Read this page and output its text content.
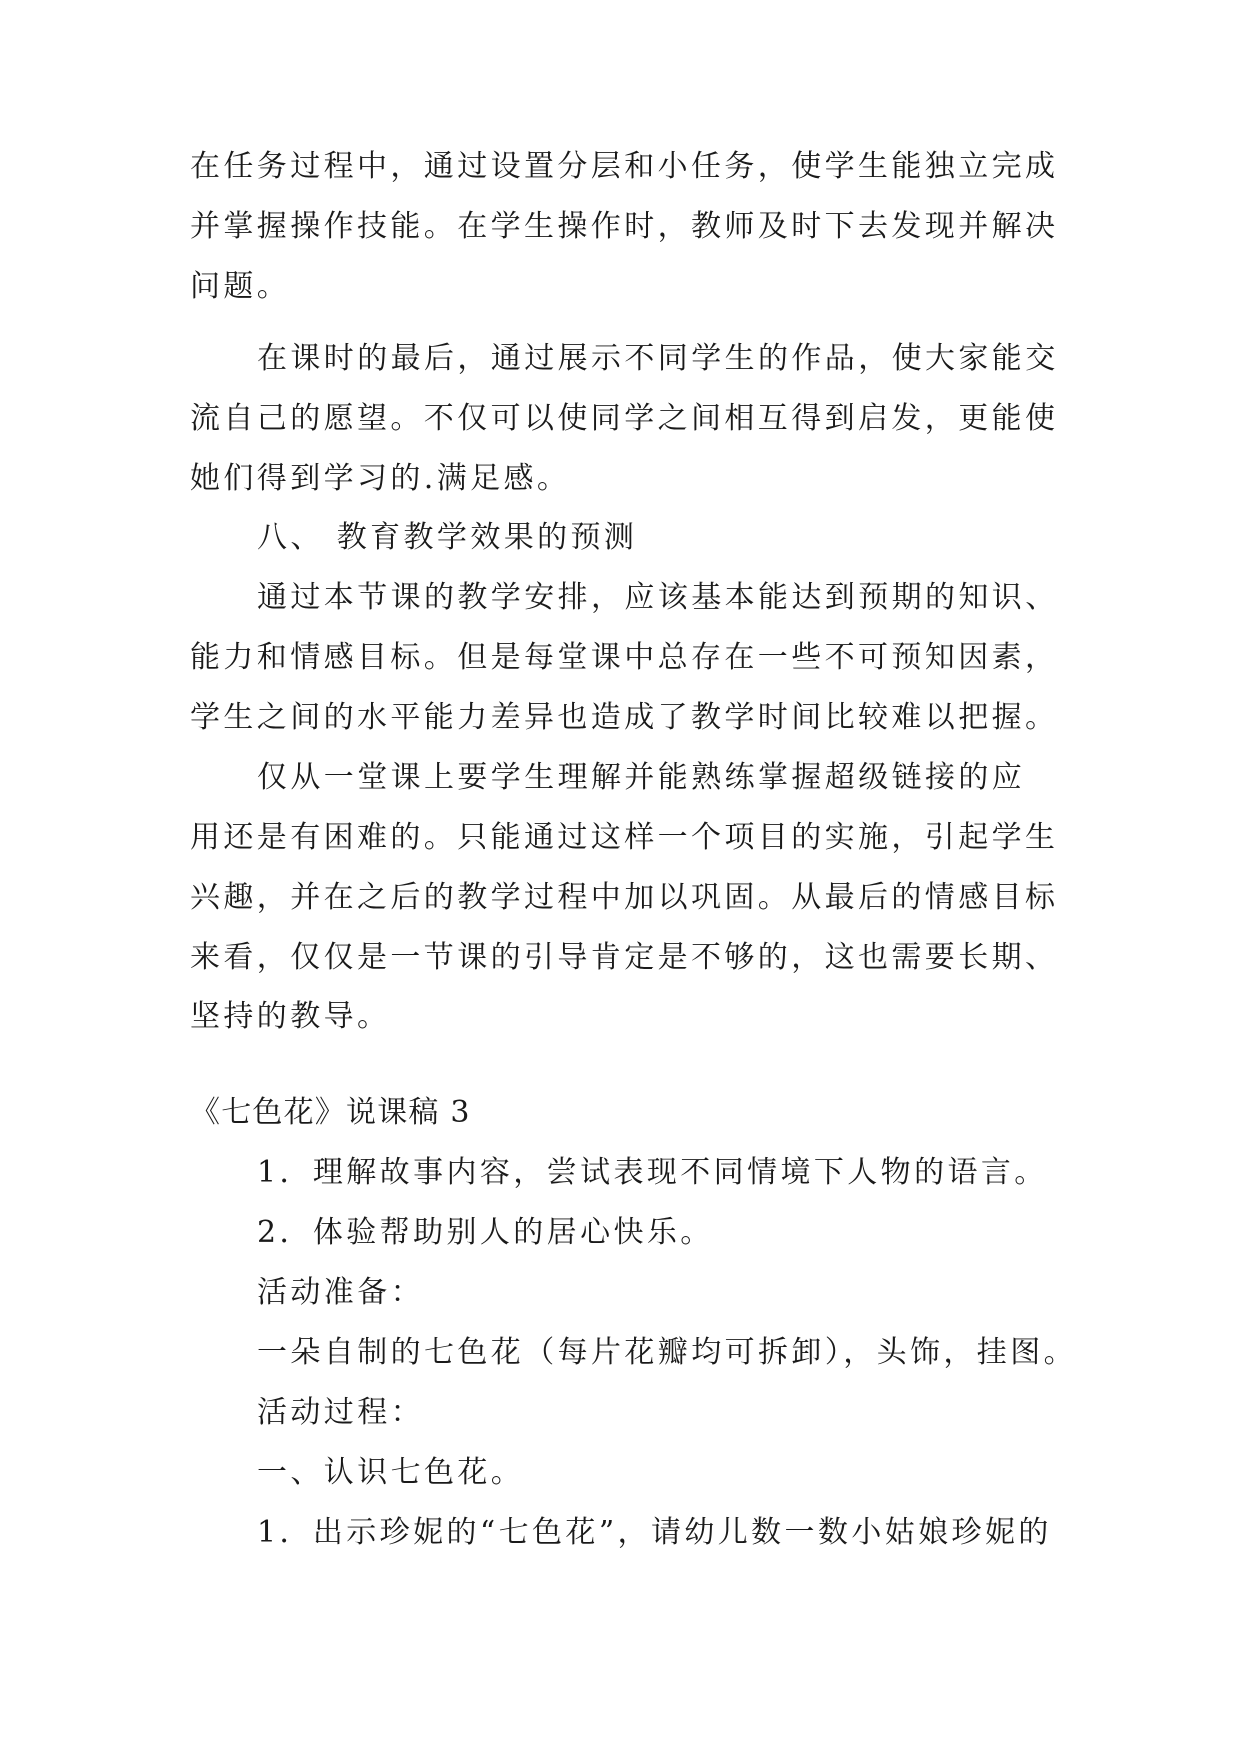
在任务过程中，通过设置分层和小任务，使学生能独立完成
并掌握操作技能。在学生操作时，教师及时下去发现并解决
问题。
在课时的最后，通过展示不同学生的作品，使大家能交
流自己的愿望。不仅可以使同学之间相互得到启发，更能使
她们得到学习的.满足感。
八、 教育教学效果的预测
通过本节课的教学安排，应该基本能达到预期的知识、
能力和情感目标。但是每堂课中总存在一些不可预知因素，
学生之间的水平能力差异也造成了教学时间比较难以把握。
仅从一堂课上要学生理解并能熟练掌握超级链接的应
用还是有困难的。只能通过这样一个项目的实施，引起学生
兴趣，并在之后的教学过程中加以巩固。从最后的情感目标
来看，仅仅是一节课的引导肯定是不够的，这也需要长期、
坚持的教导。
《七色花》说课稿 3
1．理解故事内容，尝试表现不同情境下人物的语言。
2．体验帮助别人的居心快乐。
活动准备：
一朵自制的七色花（每片花瓣均可拆卸），头饰，挂图。
活动过程：
一、认识七色花。
1．出示珍妮的“七色花”，请幼儿数一数小姑娘珍妮的
